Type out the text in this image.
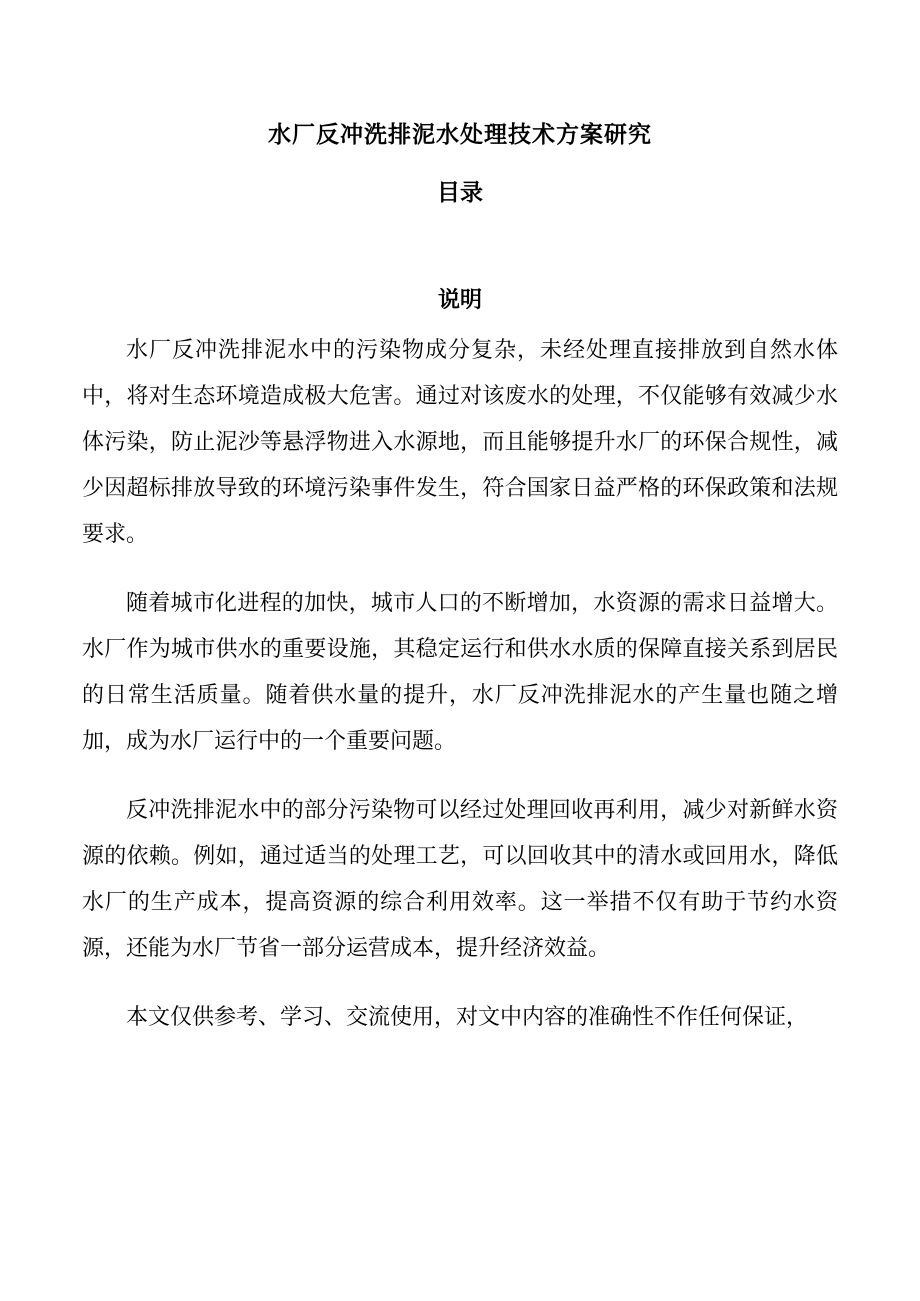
水厂反冲洗排泥水处理技术方案研究
目录
说明

水厂反冲洗排泥水中的污染物成分复杂，未经处理直接排放到自然水体中，将对生态环境造成极大危害。通过对该废水的处理，不仅能够有效减少水体污染，防止泥沙等悬浮物进入水源地，而且能够提升水厂的环保合规性，减少因超标排放导致的环境污染事件发生，符合国家日益严格的环保政策和法规要求。

随着城市化进程的加快，城市人口的不断增加，水资源的需求日益增大。水厂作为城市供水的重要设施，其稳定运行和供水水质的保障直接关系到居民的日常生活质量。随着供水量的提升，水厂反冲洗排泥水的产生量也随之增加，成为水厂运行中的一个重要问题。

反冲洗排泥水中的部分污染物可以经过处理回收再利用，减少对新鲜水资源的依赖。例如，通过适当的处理工艺，可以回收其中的清水或回用水，降低水厂的生产成本，提高资源的综合利用效率。这一举措不仅有助于节约水资源，还能为水厂节省一部分运营成本，提升经济效益。

本文仅供参考、学习、交流使用，对文中内容的准确性不作任何保证，
